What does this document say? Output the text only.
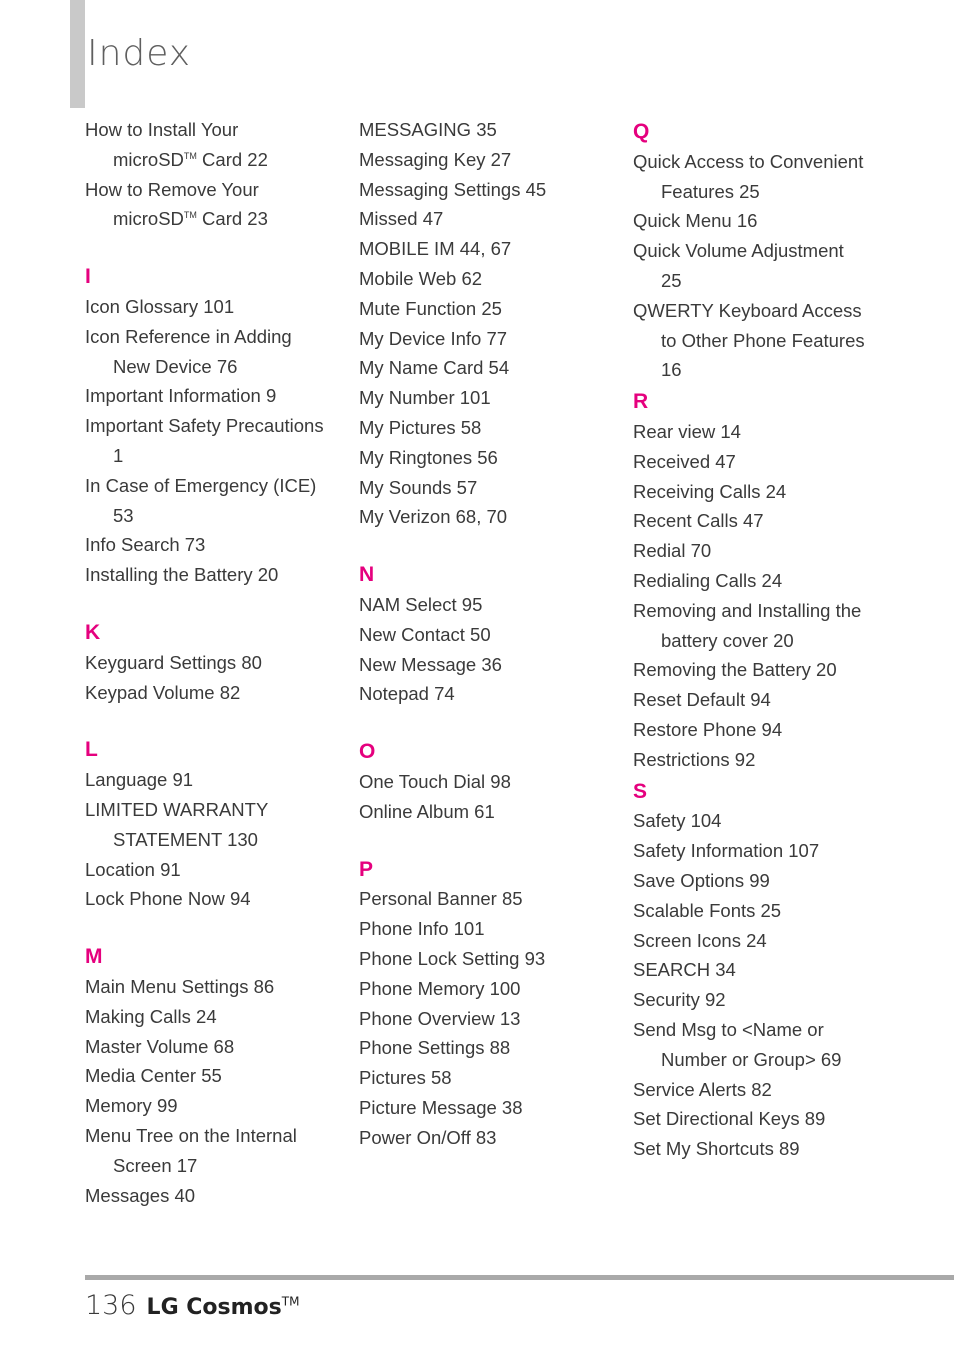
Index
How to Install Your
microSD™ Card 22
How to Remove Your
microSD™ Card 23
I
Icon Glossary 101
Icon Reference in Adding
New Device 76
Important Information 9
Important Safety Precautions
1
In Case of Emergency (ICE)
53
Info Search 73
Installing the Battery 20
K
Keyguard Settings 80
Keypad Volume 82
L
Language 91
LIMITED WARRANTY
STATEMENT 130
Location 91
Lock Phone Now 94
M
Main Menu Settings 86
Making Calls 24
Master Volume 68
Media Center 55
Memory 99
Menu Tree on the Internal
Screen 17
Messages 40
MESSAGING 35
Messaging Key 27
Messaging Settings 45
Missed 47
MOBILE IM 44, 67
Mobile Web 62
Mute Function 25
My Device Info 77
My Name Card 54
My Number 101
My Pictures 58
My Ringtones 56
My Sounds 57
My Verizon 68, 70
N
NAM Select 95
New Contact 50
New Message 36
Notepad 74
O
One Touch Dial 98
Online Album 61
P
Personal Banner 85
Phone Info 101
Phone Lock Setting 93
Phone Memory 100
Phone Overview 13
Phone Settings 88
Pictures 58
Picture Message 38
Power On/Off 83
Q
Quick Access to Convenient
Features 25
Quick Menu 16
Quick Volume Adjustment
25
QWERTY Keyboard Access
to Other Phone Features
16
R
Rear view 14
Received 47
Receiving Calls 24
Recent Calls 47
Redial 70
Redialing Calls 24
Removing and Installing the
battery cover 20
Removing the Battery 20
Reset Default 94
Restore Phone 94
Restrictions 92
S
Safety 104
Safety Information 107
Save Options 99
Scalable Fonts 25
Screen Icons 24
SEARCH 34
Security 92
Send Msg to <Name or
Number or Group> 69
Service Alerts 82
Set Directional Keys 89
Set My Shortcuts 89
136 LG Cosmos™
